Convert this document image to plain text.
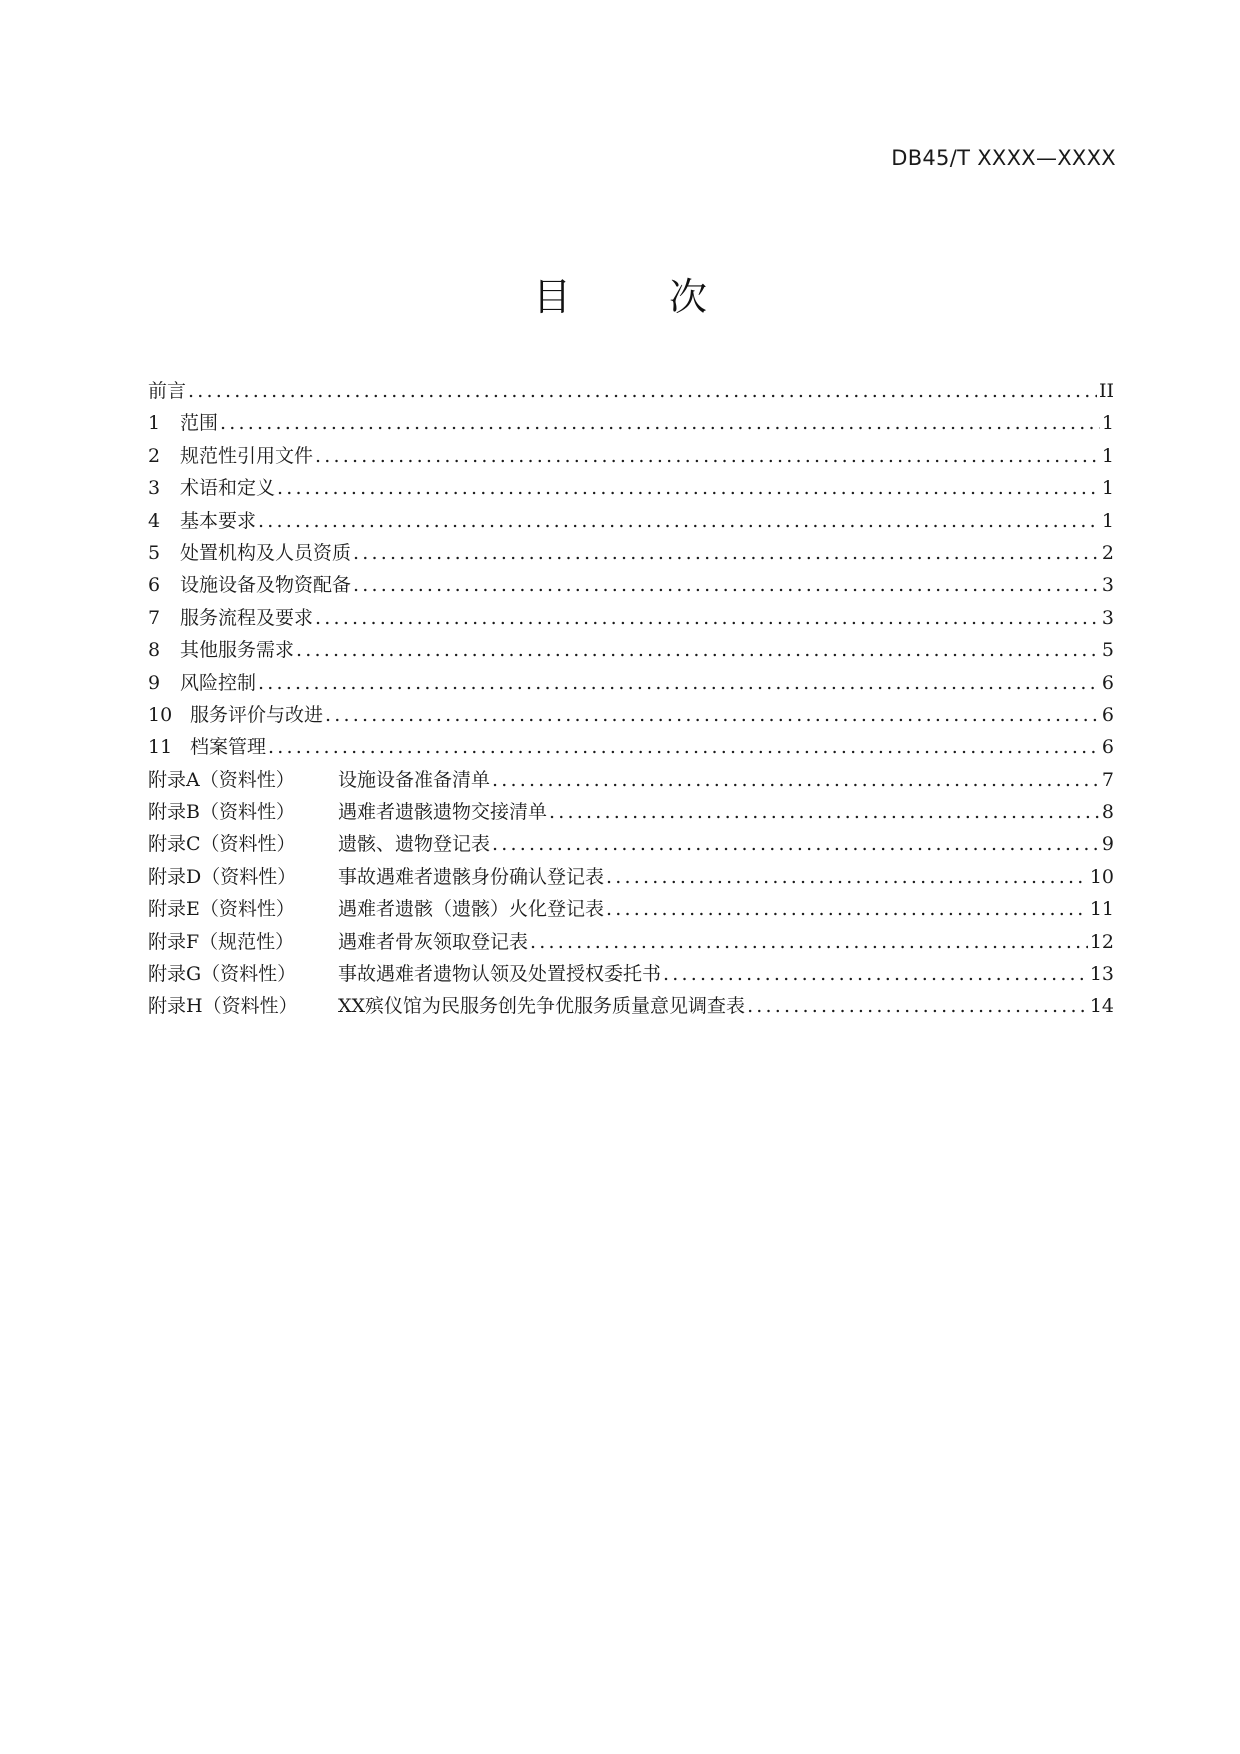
DB45/T XXXX—XXXX
目　次
前言 .....	II
1	范围 .....	1
2	规范性引用文件 .....	1
3	术语和定义 .....	1
4	基本要求 .....	1
5	处置机构及人员资质 .....	2
6	设施设备及物资配备 .....	3
7	服务流程及要求 .....	3
8	其他服务需求 .....	5
9	风险控制 .....	6
10 服务评价与改进 .....	6
11 档案管理 .....	6
附录A（资料性）	设施设备准备清单 .....	7
附录B（资料性）	遇难者遗骸遗物交接清单 .....	8
附录C（资料性）	遗骸、遗物登记表 .....	9
附录D（资料性）	事故遇难者遗骸身份确认登记表 .....	10
附录E（资料性）	遇难者遗骸（遗骸）火化登记表 .....	11
附录F（规范性）	遇难者骨灰领取登记表 .....	12
附录G（资料性）	事故遇难者遗物认领及处置授权委托书 .....	13
附录H（资料性）	XX殡仪馆为民服务创先争优服务质量意见调查表 .....	14
